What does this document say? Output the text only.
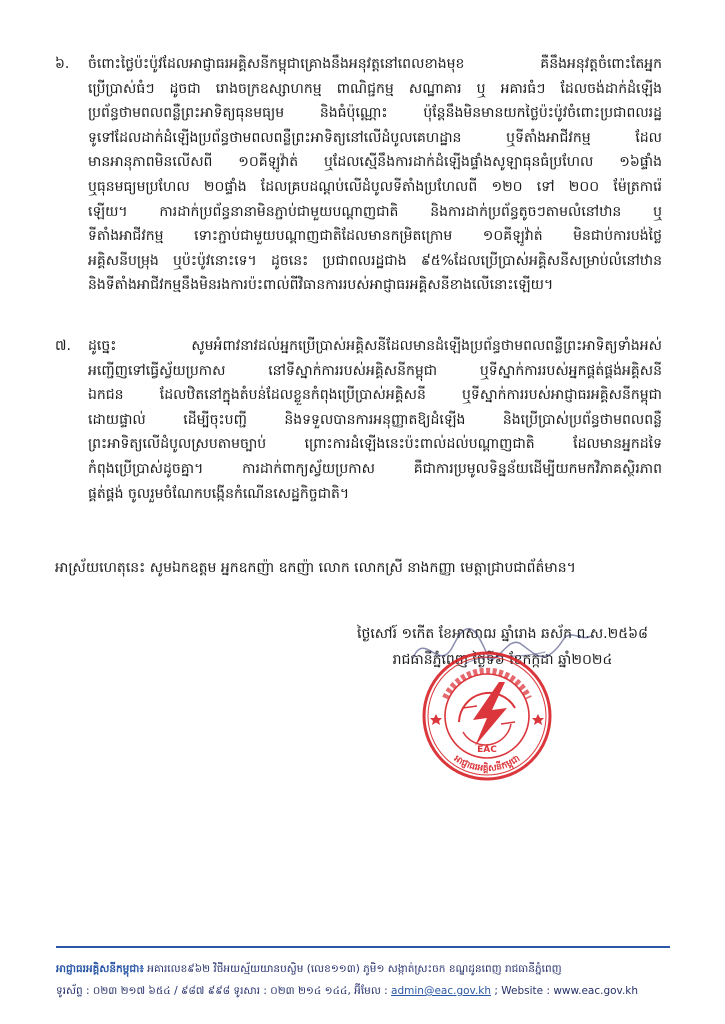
៦.	ចំពោះថ្លៃប៉ះប៉ូវដែលអាជ្ញាធរអគ្គិសនីកម្ពុជាគ្រោងនឹងអនុវត្តនៅពេលខាងមុខ គឺនឹងអនុវត្តចំពោះតែអ្នក
ប្រើប្រាស់ធំៗ ដូចជា រោងចក្រឧស្សាហកម្ម ពាណិជ្ជកម្ម សណ្ឋាគារ ឬ អគារធំៗ ដែលចង់ដាក់ដំឡើង
ប្រព័ន្ធថាមពលពន្លឺព្រះអាទិត្យធុនមធ្យម និងធំប៉ុណ្ណោះ ប៉ុន្តែនឹងមិនមានយកថ្លៃប៉ះប៉ូវចំពោះប្រជាពលរដ្ឋ
ទូទៅដែលដាក់ដំឡើងប្រព័ន្ធថាមពលពន្លឺព្រះអាទិត្យនៅលើដំបូលគេហដ្ឋាន ឬទីតាំងអាជីវកម្ម ដែល
មានអានុភាពមិនលើសពី ១០គីឡូវ៉ាត់ ឬដែលស្មើនឹងការដាក់ដំឡើងផ្ទាំងសូឡាធុនធំប្រហែល ១៦ផ្ទាំង
ឬធុនមធ្យមប្រហែល ២០ផ្ទាំង ដែលគ្របដណ្តប់លើដំបូលទីតាំងប្រហែលពី ១២០ ទៅ ២០០ ម៉ែត្រការ៉េ
ឡើយ។ ការដាក់ប្រព័ន្ធនានាមិនភ្ជាប់ជាមួយបណ្តាញជាតិ និងការដាក់ប្រព័ន្ធតូចៗតាមលំនៅឋាន ឬ
ទីតាំងអាជីវកម្ម ទោះភ្ជាប់ជាមួយបណ្តាញជាតិដែលមានកម្រិតក្រោម ១០គីឡូវ៉ាត់ មិនជាប់ការបង់ថ្លៃ
អគ្គិសនីបម្រុង ឬប៉ះប៉ូវនោះទេ។ ដូចនេះ ប្រជាពលរដ្ឋជាង ៩៥%ដែលប្រើប្រាស់អគ្គិសនីសម្រាប់លំនៅឋាន
និងទីតាំងអាជីវកម្មនឹងមិនរងការប៉ះពាល់ពីវិធានការរបស់អាជ្ញាធរអគ្គិសនីខាងលើនោះឡើយ។
៧.	ដូច្នេះ សូមអំពាវនាវដល់អ្នកប្រើប្រាស់អគ្គិសនីដែលមានដំឡើងប្រព័ន្ធថាមពលពន្លឺព្រះអាទិត្យទាំងអស់
អញ្ជើញទៅធ្វើស្វ័យប្រកាស នៅទីស្នាក់ការរបស់អគ្គិសនីកម្ពុជា ឬទីស្នាក់ការរបស់អ្នកផ្គត់ផ្គង់អគ្គិសនី
ឯកជន ដែលឋិតនៅក្នុងតំបន់ដែលខ្លួនកំពុងប្រើប្រាស់អគ្គិសនី ឬទីស្នាក់ការរបស់អាជ្ញាធរអគ្គិសនីកម្ពុជា
ដោយផ្ទាល់ ដើម្បីចុះបញ្ជី និងទទួលបានការអនុញ្ញាតឱ្យដំឡើង និងប្រើប្រាស់ប្រព័ន្ធថាមពលពន្លឺ
ព្រះអាទិត្យលើដំបូលស្របតាមច្បាប់ ព្រោះការដំឡើងនេះប៉ះពាល់ដល់បណ្តាញជាតិ ដែលមានអ្នកដទៃ
កំពុងប្រើប្រាស់ដូចគ្នា។ ការដាក់ពាក្យស្វ័យប្រកាស គឺជាការប្រមូលទិន្នន័យដើម្បីយកមកវិភាគស្ថិរភាព
ផ្គត់ផ្គង់ ចូលរួមចំណែកបង្កើនកំណើនសេដ្ឋកិច្ចជាតិ។
អាស្រ័យហេតុនេះ សូមឯកឧត្តម អ្នកឧកញ៉ា ឧកញ៉ា លោក លោកស្រី នាងកញ្ញា មេត្តាជ្រាបជាព័ត៌មាន។
ថ្ងៃសៅរ៍ ១កើត ខែអាសាឍ ឆ្នាំរោង ឆស័ក ព.ស.២៥៦៨
រាជធានីភ្នំពេញ ថ្ងៃទី៦ ខែកក្កដា ឆ្នាំ២០២៤
អាជ្ញាធរអគ្គិសនីកម្ពុជា
EAC
អាជ្ញាធរអគ្គិសនីកម្ពុជា៖ អគារលេខ៩៦២ វិថីអយស្ម័យយានបស្ចិម (លេខ១១៣) ភូមិ១ សង្កាត់ស្រះចក ខណ្ឌដូនពេញ រាជធានីភ្នំពេញ
ទូរស័ព្ទ : ០២៣ ២១៧ ៦៥៤ / ៩៨៧ ៩៩៨ ទូរសារ : ០២៣ ២១៤ ១៤៤, អ៊ីមែល : admin@eac.gov.kh ; Website : www.eac.gov.kh
